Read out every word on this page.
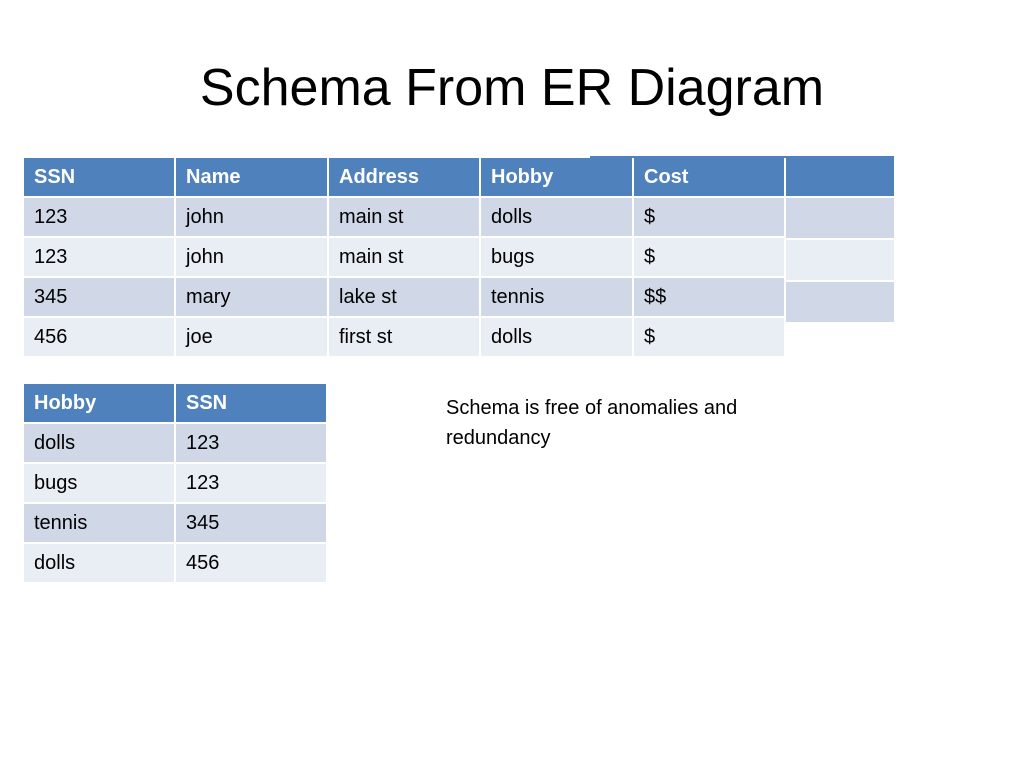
Schema From ER Diagram
SSN	Name	Address	Hobby	Cost
123	john	main st	dolls	$
123	john	main st	bugs	$
345	mary	lake st	tennis	$$
456	joe	first st	dolls	$
Hobby	SSN
dolls	123
bugs	123
tennis	345
dolls	456
Schema is free of anomalies and redundancy
